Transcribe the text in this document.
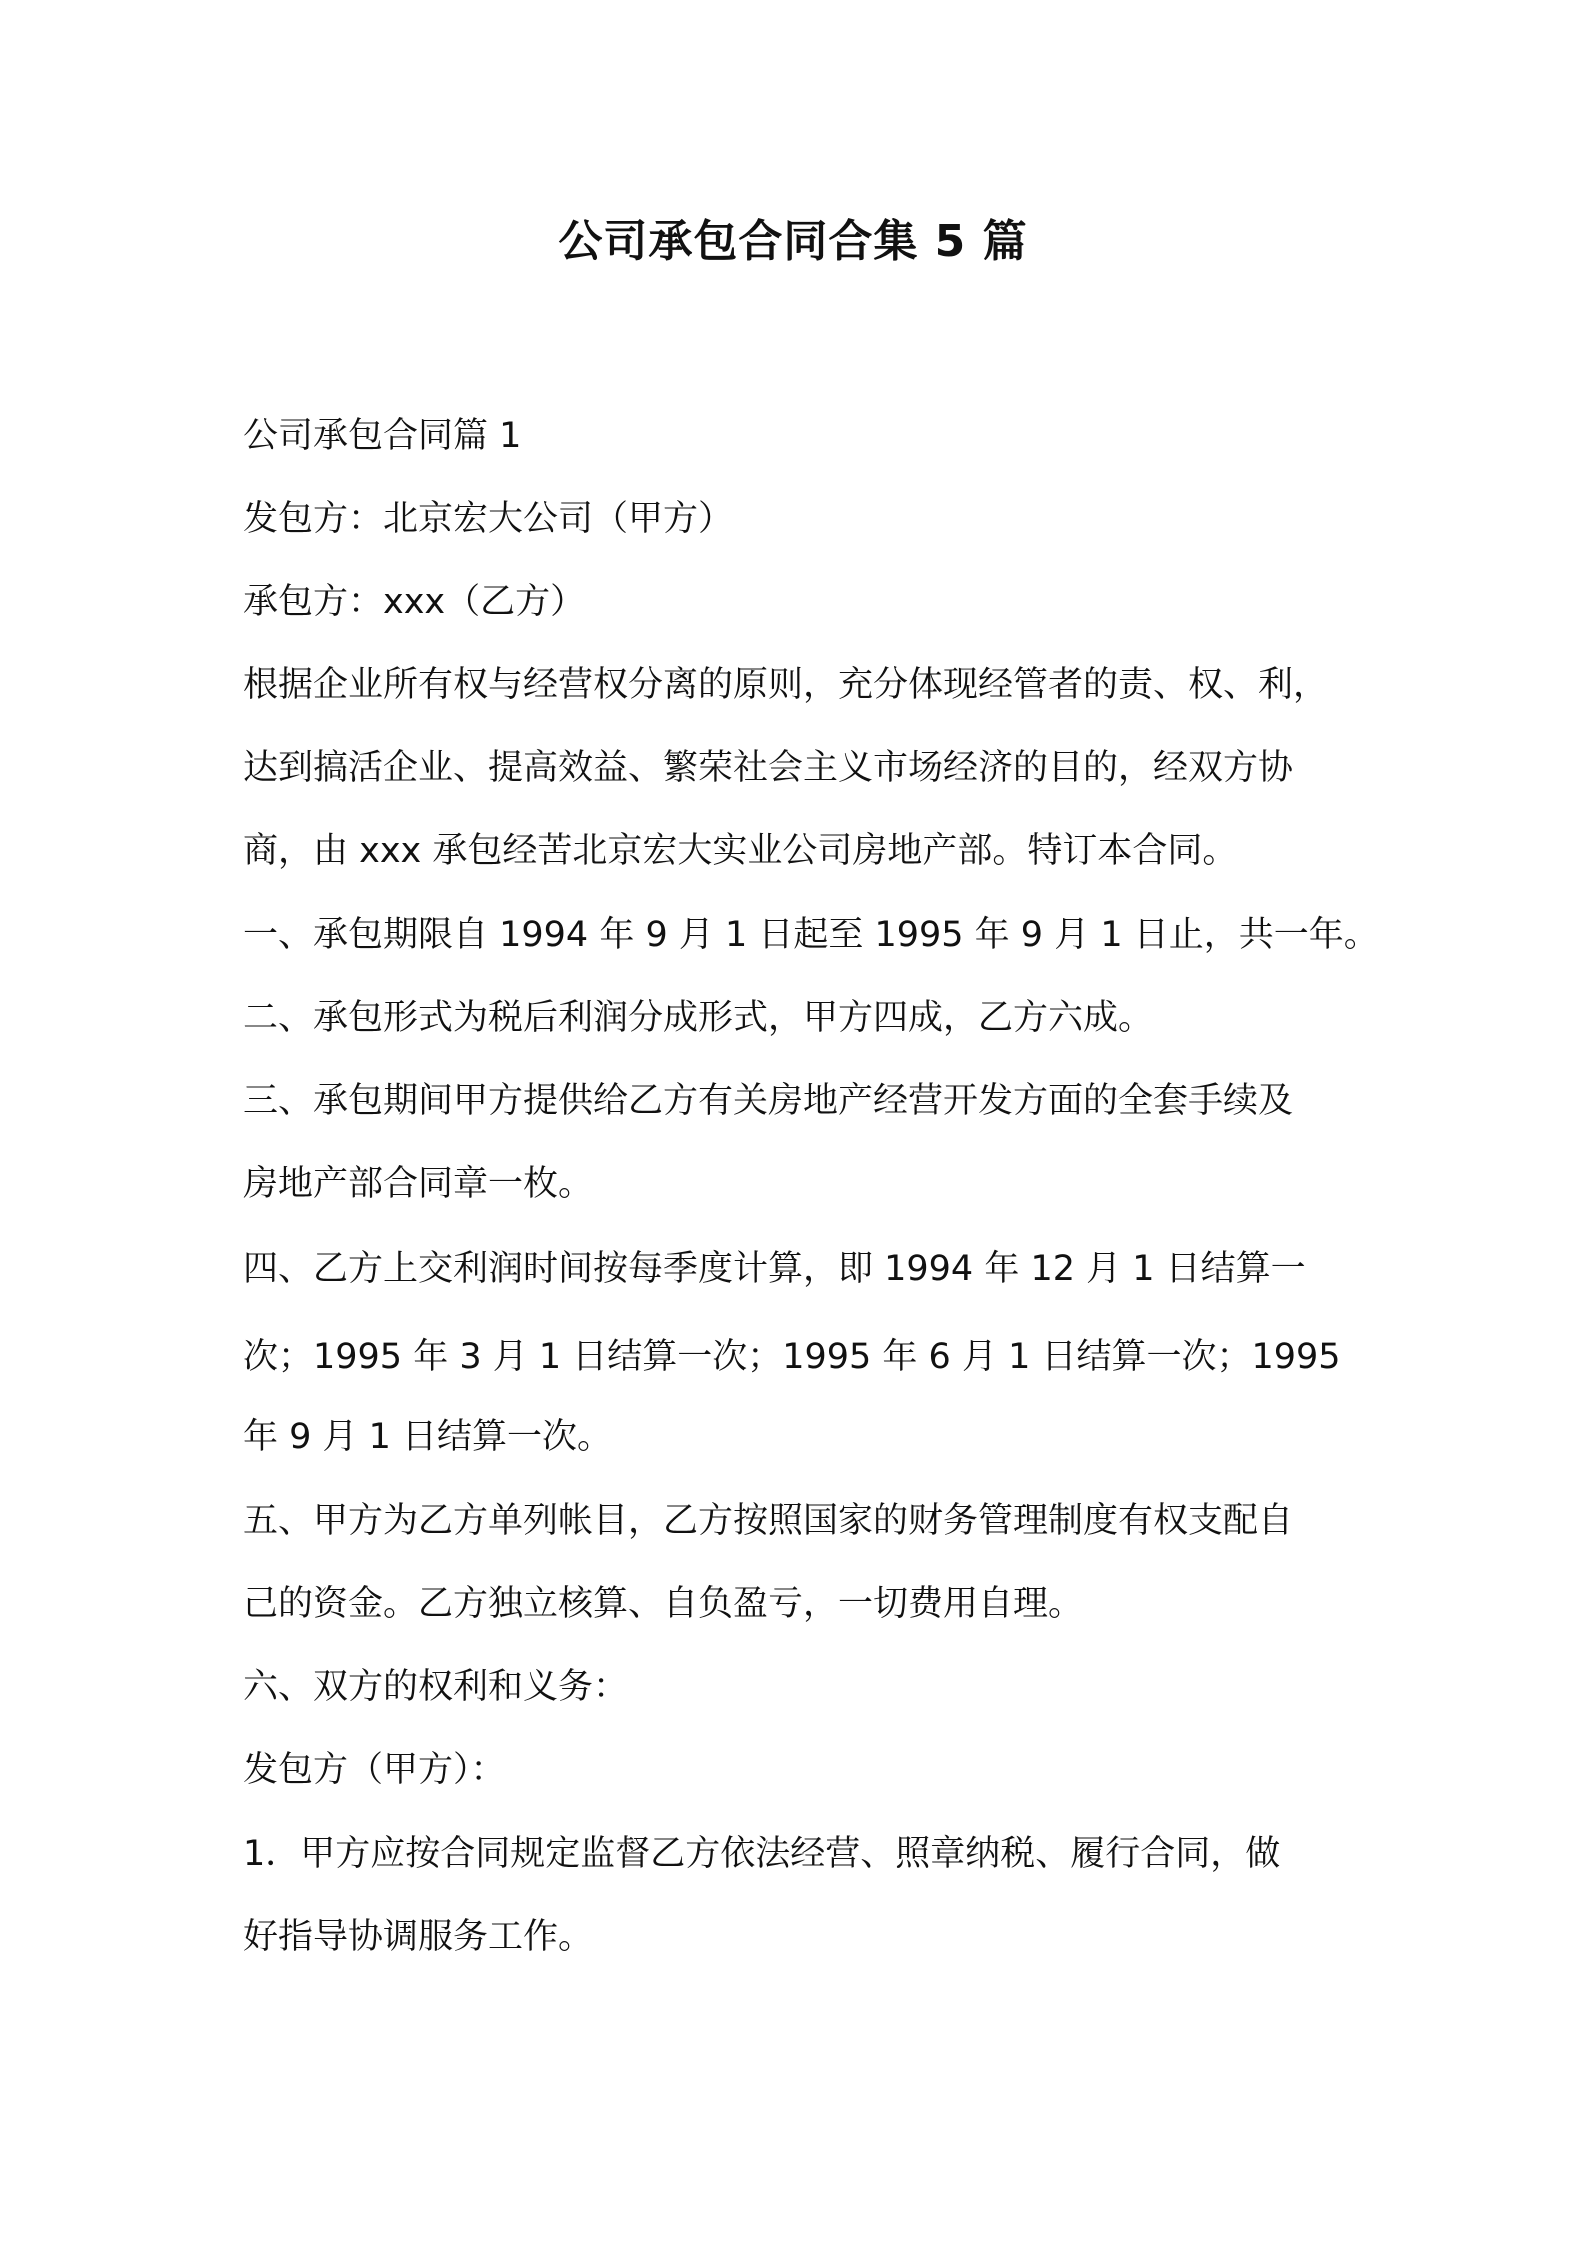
公司承包合同合集 5 篇
公司承包合同篇 1
发包方：北京宏大公司（甲方）
承包方：xxx（乙方）
根据企业所有权与经营权分离的原则，充分体现经管者的责、权、利，
达到搞活企业、提高效益、繁荣社会主义市场经济的目的，经双方协
商，由 xxx 承包经苦北京宏大实业公司房地产部。特订本合同。
一、承包期限自 1994 年 9 月 1 日起至 1995 年 9 月 1 日止，共一年。
二、承包形式为税后利润分成形式，甲方四成，乙方六成。
三、承包期间甲方提供给乙方有关房地产经营开发方面的全套手续及
房地产部合同章一枚。
四、乙方上交利润时间按每季度计算，即 1994 年 12 月 1 日结算一
次；1995 年 3 月 1 日结算一次；1995 年 6 月 1 日结算一次；1995
年 9 月 1 日结算一次。
五、甲方为乙方单列帐目，乙方按照国家的财务管理制度有权支配自
己的资金。乙方独立核算、自负盈亏，一切费用自理。
六、双方的权利和义务：
发包方（甲方）：
1．甲方应按合同规定监督乙方依法经营、照章纳税、履行合同，做
好指导协调服务工作。
